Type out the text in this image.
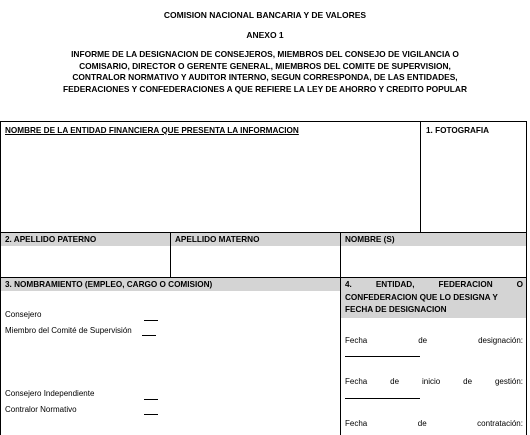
COMISION NACIONAL BANCARIA Y DE VALORES
ANEXO 1
INFORME DE LA DESIGNACION DE CONSEJEROS, MIEMBROS DEL CONSEJO DE VIGILANCIA O
COMISARIO, DIRECTOR O GERENTE GENERAL, MIEMBROS DEL COMITE DE SUPERVISION,
CONTRALOR NORMATIVO Y AUDITOR INTERNO, SEGUN CORRESPONDA, DE LAS ENTIDADES,
FEDERACIONES Y CONFEDERACIONES A QUE REFIERE LA LEY DE AHORRO Y CREDITO POPULAR
NOMBRE DE LA ENTIDAD FINANCIERA QUE PRESENTA LA INFORMACION	1. FOTOGRAFIA
2. APELLIDO PATERNO	APELLIDO MATERNO	NOMBRE (S)
3. NOMBRAMIENTO (EMPLEO, CARGO O COMISION)
Consejero
Miembro del Comité de Supervisión
Consejero Independiente
Contralor Normativo
4.	ENTIDAD,	FEDERACION	O
CONFEDERACION QUE LO DESIGNA Y
FECHA DE DESIGNACION
Fecha	de	designación:
Fecha	de	inicio	de	gestión:
Fecha	de	contratación:
